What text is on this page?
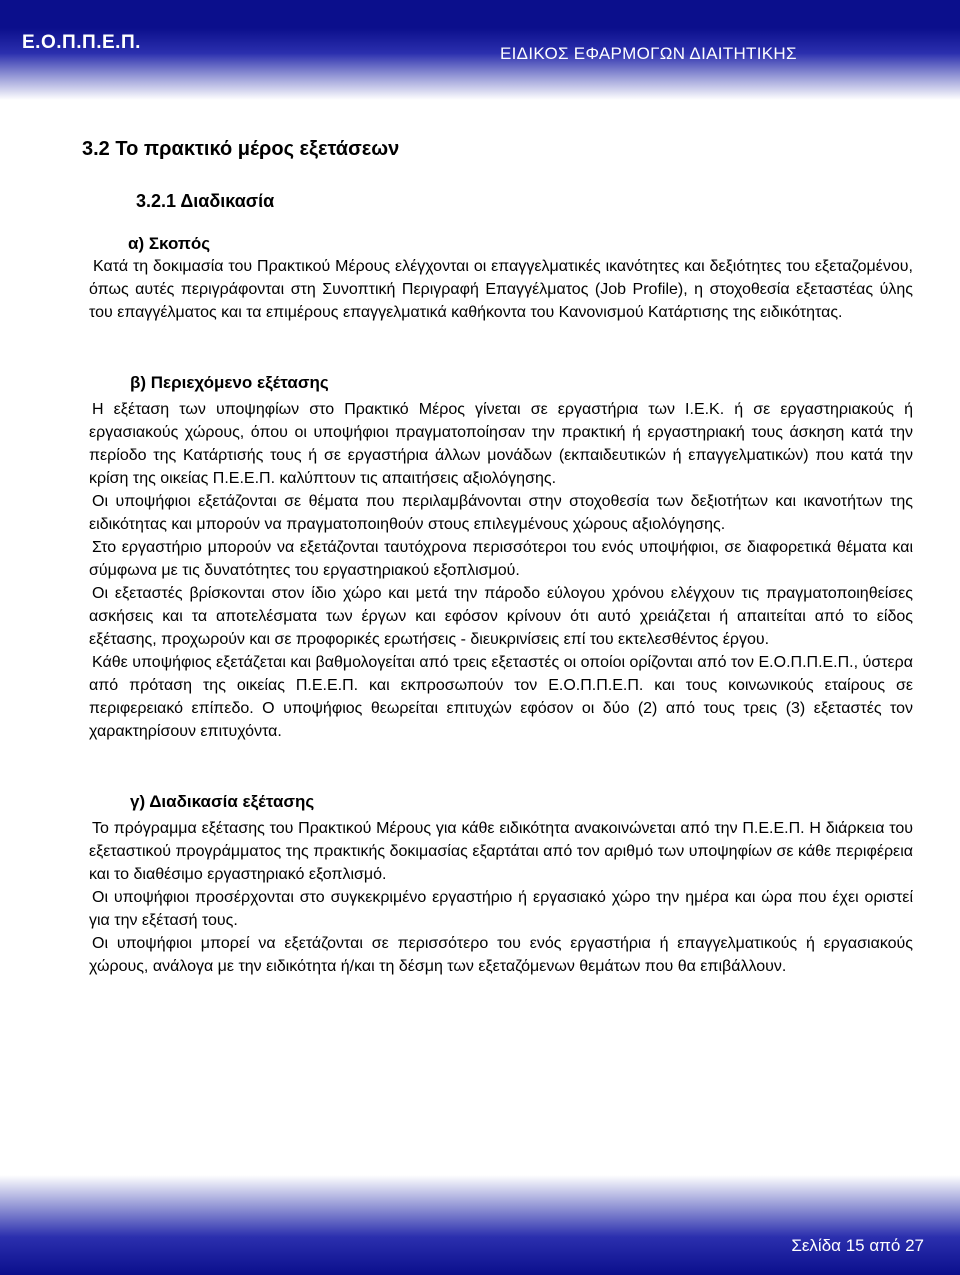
Ε.Ο.Π.Π.Ε.Π.
ΕΙΔΙΚΟΣ ΕΦΑΡΜΟΓΩΝ ΔΙΑΙΤΗΤΙΚΗΣ
3.2 Το πρακτικό μέρος εξετάσεων
3.2.1 Διαδικασία
α) Σκοπός

Κατά τη δοκιμασία του Πρακτικού Μέρους ελέγχονται οι επαγγελματικές ικανότητες και δεξιότητες του εξεταζομένου, όπως αυτές περιγράφονται στη Συνοπτική Περιγραφή Επαγγέλματος (Job Profile), η στοχοθεσία εξεταστέας ύλης του επαγγέλματος και τα επιμέρους επαγγελματικά καθήκοντα του Κανονισμού Κατάρτισης της ειδικότητας.

β) Περιεχόμενο εξέτασης

Η εξέταση των υποψηφίων στο Πρακτικό Μέρος γίνεται σε εργαστήρια των Ι.Ε.Κ. ή σε εργαστηριακούς ή εργασιακούς χώρους, όπου οι υποψήφιοι πραγματοποίησαν την πρακτική ή εργαστηριακή τους άσκηση κατά την περίοδο της Κατάρτισής τους ή σε εργαστήρια άλλων μονάδων (εκπαιδευτικών ή επαγγελματικών) που κατά την κρίση της οικείας Π.Ε.Ε.Π. καλύπτουν τις απαιτήσεις αξιολόγησης.

Οι υποψήφιοι εξετάζονται σε θέματα που περιλαμβάνονται στην στοχοθεσία των δεξιοτήτων και ικανοτήτων της ειδικότητας και μπορούν να πραγματοποιηθούν στους επιλεγμένους χώρους αξιολόγησης.

Στο εργαστήριο μπορούν να εξετάζονται ταυτόχρονα περισσότεροι του ενός υποψήφιοι, σε διαφορετικά θέματα και σύμφωνα με τις δυνατότητες του εργαστηριακού εξοπλισμού.

Οι εξεταστές βρίσκονται στον ίδιο χώρο και μετά την πάροδο εύλογου χρόνου ελέγχουν τις πραγματοποιηθείσες ασκήσεις και τα αποτελέσματα των έργων και εφόσον κρίνουν ότι αυτό χρειάζεται ή απαιτείται από το είδος εξέτασης, προχωρούν και σε προφορικές ερωτήσεις - διευκρινίσεις επί του εκτελεσθέντος έργου.

Κάθε υποψήφιος εξετάζεται και βαθμολογείται από τρεις εξεταστές οι οποίοι ορίζονται από τον Ε.Ο.Π.Π.Ε.Π., ύστερα από πρόταση της οικείας Π.Ε.Ε.Π. και εκπροσωπούν τον Ε.Ο.Π.Π.Ε.Π. και τους κοινωνικούς εταίρους σε περιφερειακό επίπεδο. Ο υποψήφιος θεωρείται επιτυχών εφόσον οι δύο (2) από τους τρεις (3) εξεταστές τον χαρακτηρίσουν επιτυχόντα.

γ) Διαδικασία εξέτασης

Το πρόγραμμα εξέτασης του Πρακτικού Μέρους για κάθε ειδικότητα ανακοινώνεται από την Π.Ε.Ε.Π. Η διάρκεια του εξεταστικού προγράμματος της πρακτικής δοκιμασίας εξαρτάται από τον αριθμό των υποψηφίων σε κάθε περιφέρεια και το διαθέσιμο εργαστηριακό εξοπλισμό.

Οι υποψήφιοι προσέρχονται στο συγκεκριμένο εργαστήριο ή εργασιακό χώρο την ημέρα και ώρα που έχει οριστεί για την εξέτασή τους.

Οι υποψήφιοι μπορεί να εξετάζονται σε περισσότερο του ενός εργαστήρια ή επαγγελματικούς ή εργασιακούς χώρους, ανάλογα με την ειδικότητα ή/και τη δέσμη των εξεταζόμενων θεμάτων που θα επιβάλλουν.

Σελίδα 15 από 27
